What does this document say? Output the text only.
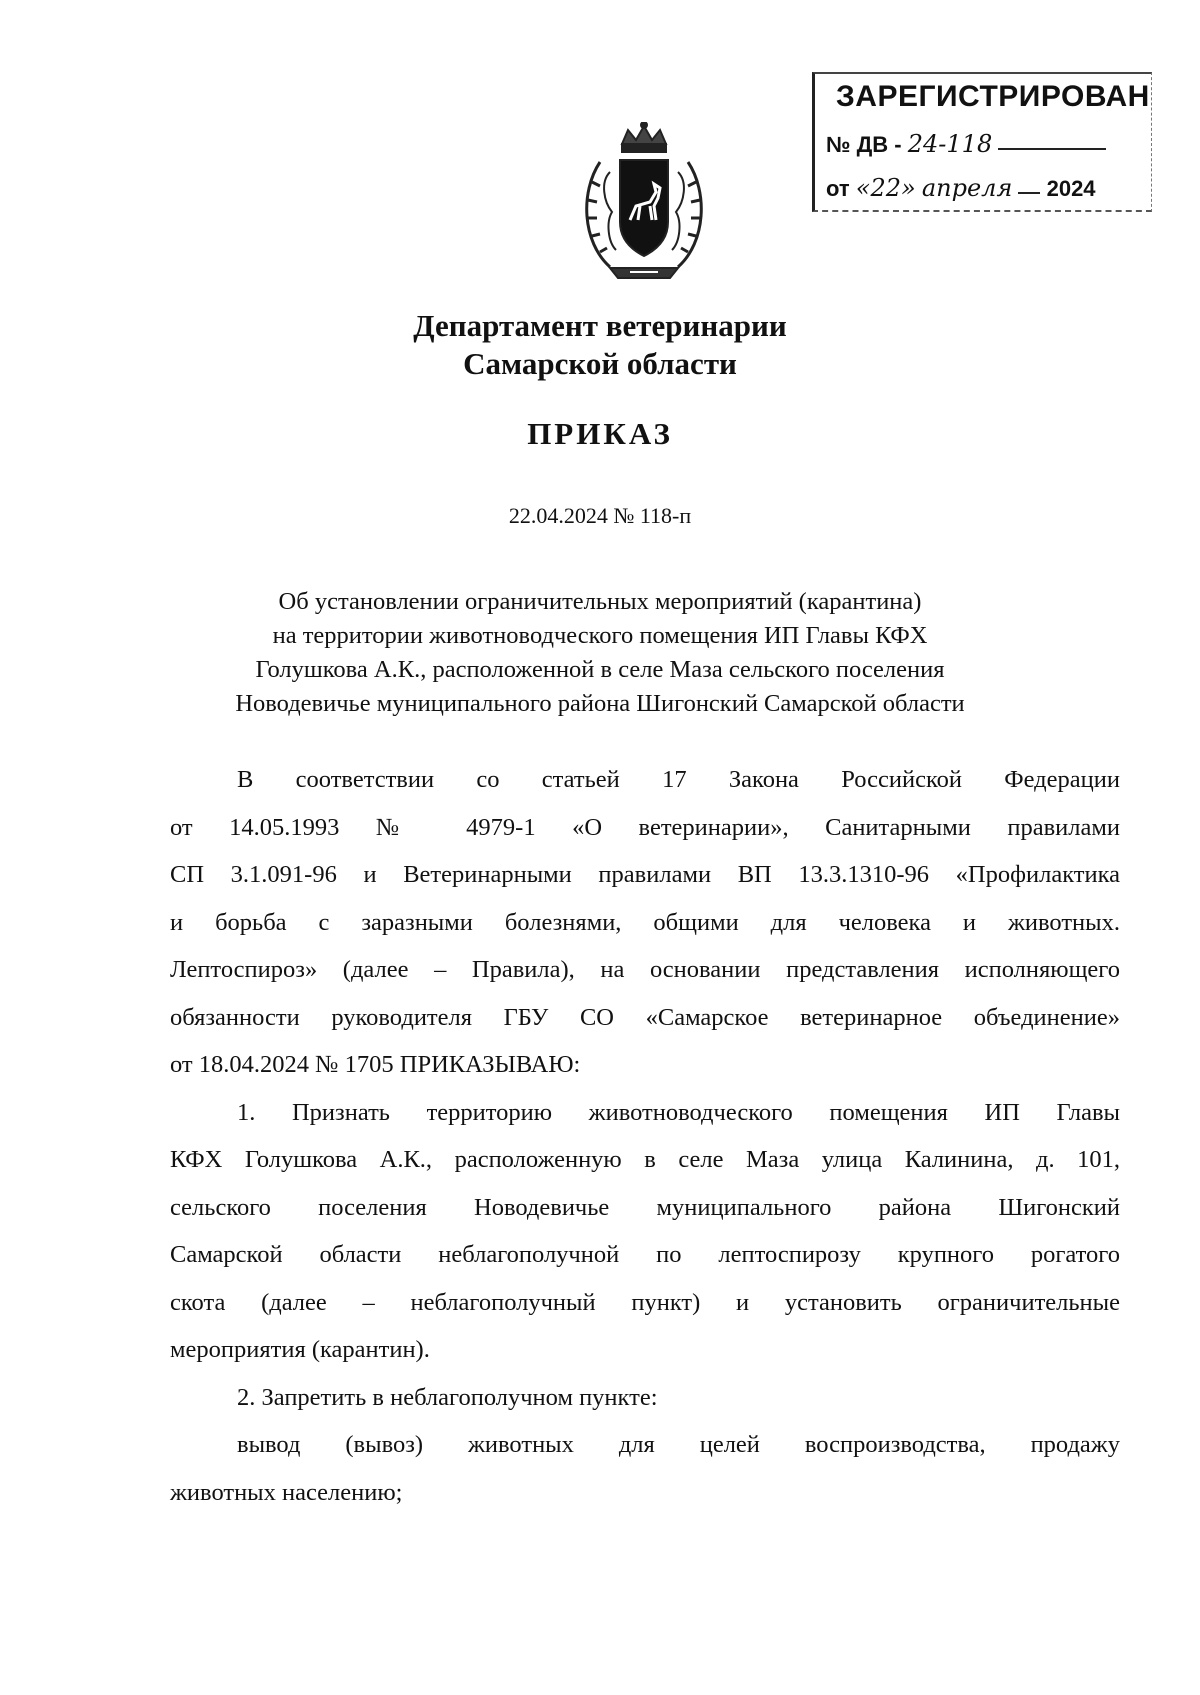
ЗАРЕГИСТРИРОВАН
№ ДВ - 24-118
от «22» апреля 2024
Департамент ветеринарии
Самарской области
ПРИКАЗ
22.04.2024 № 118-п
Об установлении ограничительных мероприятий (карантина)
на территории животноводческого помещения ИП Главы КФХ
Голушкова А.К., расположенной в селе Маза сельского поселения
Новодевичье муниципального района Шигонский Самарской области
В соответствии со статьей 17 Закона Российской Федерации
от 14.05.1993 № 4979-1 «О ветеринарии», Санитарными правилами
СП 3.1.091-96 и Ветеринарными правилами ВП 13.3.1310-96 «Профилактика
и борьба с заразными болезнями, общими для человека и животных.
Лептоспироз» (далее – Правила), на основании представления исполняющего
обязанности руководителя ГБУ СО «Самарское ветеринарное объединение»
от 18.04.2024 № 1705 ПРИКАЗЫВАЮ:
1. Признать территорию животноводческого помещения ИП Главы
КФХ Голушкова А.К., расположенную в селе Маза улица Калинина, д. 101,
сельского поселения Новодевичье муниципального района Шигонский
Самарской области неблагополучной по лептоспирозу крупного рогатого
скота (далее – неблагополучный пункт) и установить ограничительные
мероприятия (карантин).
2. Запретить в неблагополучном пункте:
вывод (вывоз) животных для целей воспроизводства, продажу
животных населению;
